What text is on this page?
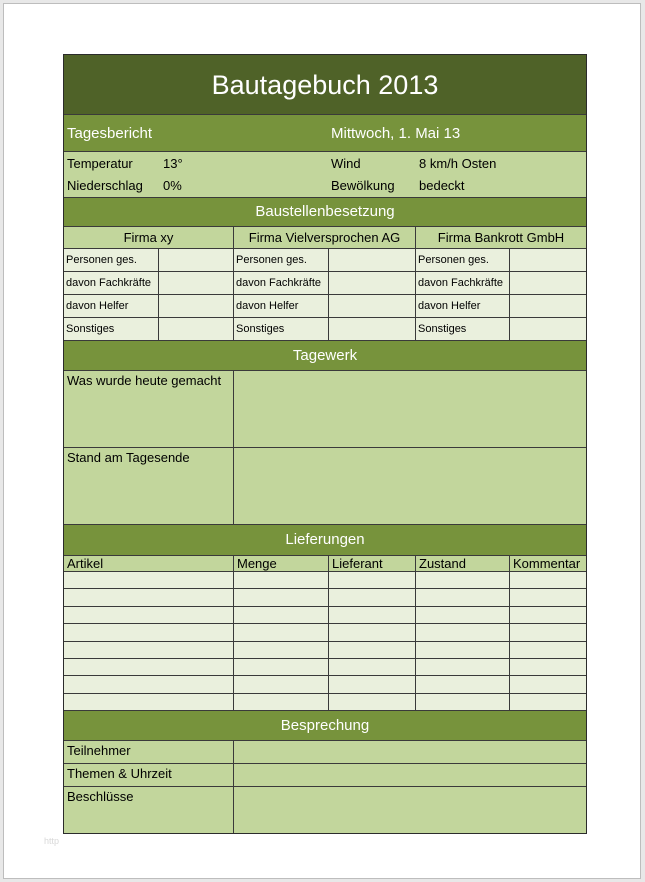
Bautagebuch 2013
Tagesbericht	Mittwoch, 1. Mai 13
Temperatur 13°	Wind	8 km/h Osten
Niederschlag 0%	Bewölkung bedeckt
Baustellenbesetzung
Firma xy	Firma Vielversprochen AG	Firma Bankrott GmbH
Personen ges.	Personen ges.	Personen ges.
davon Fachkräfte	davon Fachkräfte	davon Fachkräfte
davon Helfer	davon Helfer	davon Helfer
Sonstiges	Sonstiges	Sonstiges
Tagewerk
Was wurde heute gemacht
Stand am Tagesende
Lieferungen
Artikel	Menge	Lieferant	Zustand	Kommentar
Besprechung
Teilnehmer
Themen & Uhrzeit
Beschlüsse
http
